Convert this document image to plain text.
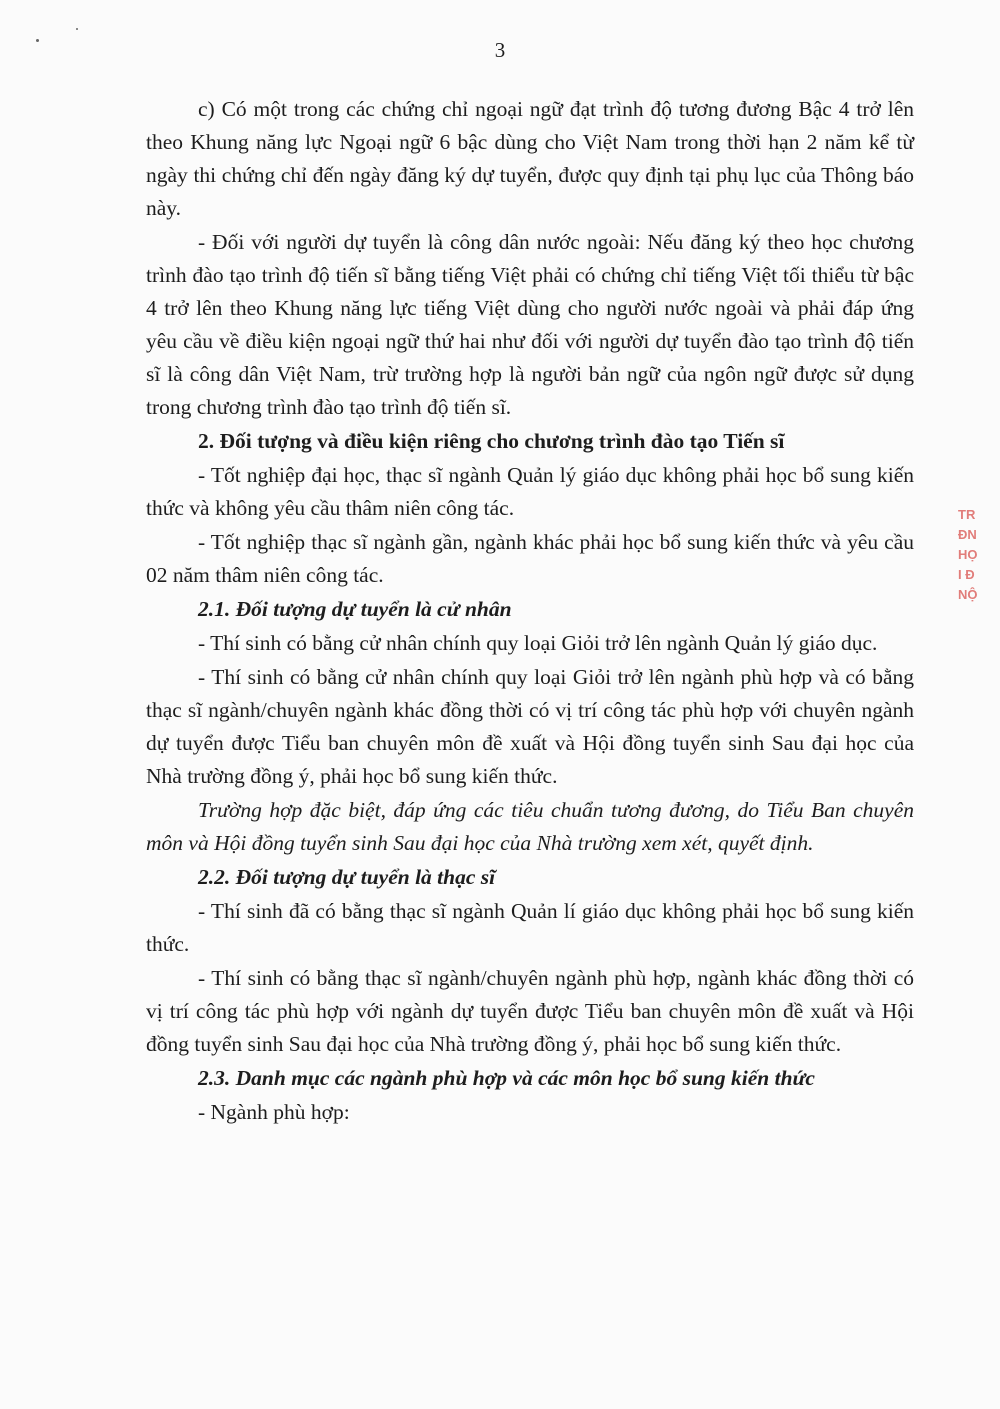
3

c) Có một trong các chứng chỉ ngoại ngữ đạt trình độ tương đương Bậc 4 trở lên theo Khung năng lực Ngoại ngữ 6 bậc dùng cho Việt Nam trong thời hạn 2 năm kể từ ngày thi chứng chỉ đến ngày đăng ký dự tuyển, được quy định tại phụ lục của Thông báo này.

- Đối với người dự tuyển là công dân nước ngoài: Nếu đăng ký theo học chương trình đào tạo trình độ tiến sĩ bằng tiếng Việt phải có chứng chỉ tiếng Việt tối thiểu từ bậc 4 trở lên theo Khung năng lực tiếng Việt dùng cho người nước ngoài và phải đáp ứng yêu cầu về điều kiện ngoại ngữ thứ hai như đối với người dự tuyển đào tạo trình độ tiến sĩ là công dân Việt Nam, trừ trường hợp là người bản ngữ của ngôn ngữ được sử dụng trong chương trình đào tạo trình độ tiến sĩ.

2. Đối tượng và điều kiện riêng cho chương trình đào tạo Tiến sĩ

- Tốt nghiệp đại học, thạc sĩ ngành Quản lý giáo dục không phải học bổ sung kiến thức và không yêu cầu thâm niên công tác.

- Tốt nghiệp thạc sĩ ngành gần, ngành khác phải học bổ sung kiến thức và yêu cầu 02 năm thâm niên công tác.

2.1. Đối tượng dự tuyển là cử nhân

- Thí sinh có bằng cử nhân chính quy loại Giỏi trở lên ngành Quản lý giáo dục.

- Thí sinh có bằng cử nhân chính quy loại Giỏi trở lên ngành phù hợp và có bằng thạc sĩ ngành/chuyên ngành khác đồng thời có vị trí công tác phù hợp với chuyên ngành dự tuyển được Tiểu ban chuyên môn đề xuất và Hội đồng tuyển sinh Sau đại học của Nhà trường đồng ý, phải học bổ sung kiến thức.

Trường hợp đặc biệt, đáp ứng các tiêu chuẩn tương đương, do Tiểu Ban chuyên môn và Hội đồng tuyển sinh Sau đại học của Nhà trường xem xét, quyết định.

2.2. Đối tượng dự tuyển là thạc sĩ

- Thí sinh đã có bằng thạc sĩ ngành Quản lí giáo dục không phải học bổ sung kiến thức.

- Thí sinh có bằng thạc sĩ ngành/chuyên ngành phù hợp, ngành khác đồng thời có vị trí công tác phù hợp với ngành dự tuyển được Tiểu ban chuyên môn đề xuất và Hội đồng tuyển sinh Sau đại học của Nhà trường đồng ý, phải học bổ sung kiến thức.

2.3. Danh mục các ngành phù hợp và các môn học bổ sung kiến thức

- Ngành phù hợp:

TR
ĐN
HỌ
I Đ
NỘ
